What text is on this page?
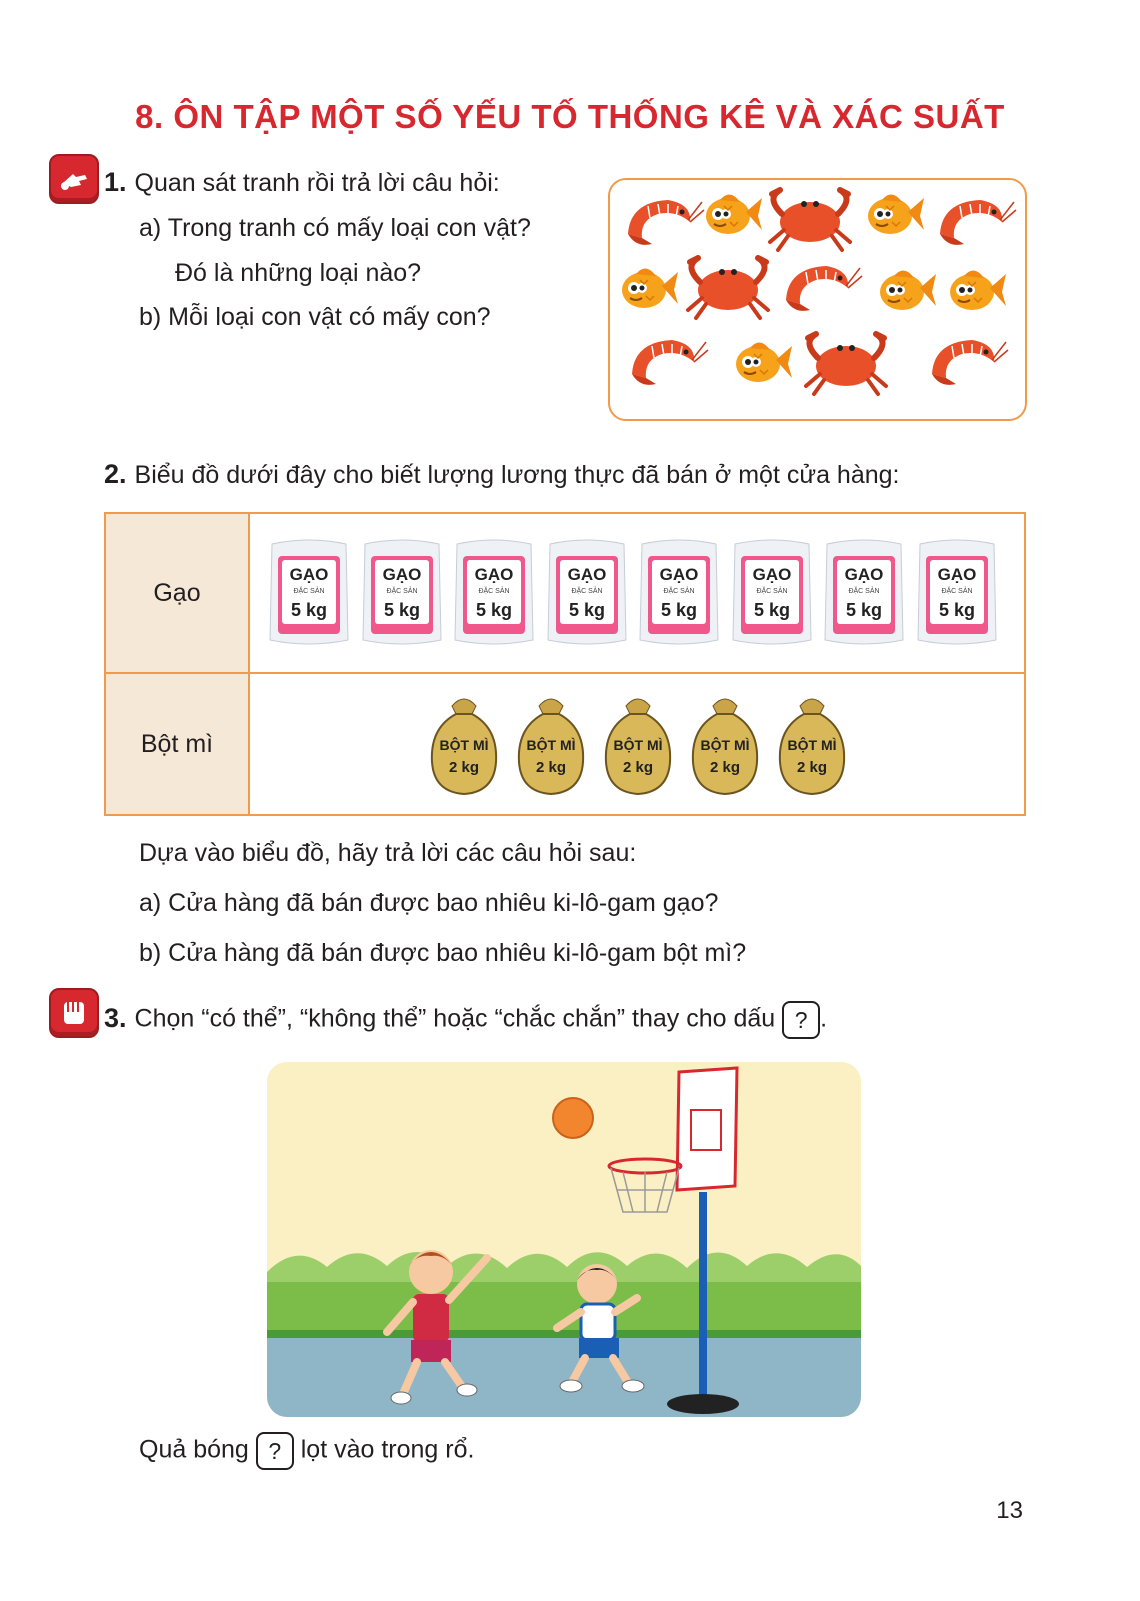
8. ÔN TẬP MỘT SỐ YẾU TỐ THỐNG KÊ VÀ XÁC SUẤT
1. Quan sát tranh rồi trả lời câu hỏi:
a) Trong tranh có mấy loại con vật?
Đó là những loại nào?
b) Mỗi loại con vật có mấy con?
2. Biểu đồ dưới đây cho biết lượng lương thực đã bán ở một cửa hàng:
Gạo
Bột mì
GẠO
ĐẶC SẢN
5 kg
GẠO
ĐẶC SẢN
5 kg
GẠO
ĐẶC SẢN
5 kg
GẠO
ĐẶC SẢN
5 kg
GẠO
ĐẶC SẢN
5 kg
GẠO
ĐẶC SẢN
5 kg
GẠO
ĐẶC SẢN
5 kg
GẠO
ĐẶC SẢN
5 kg
BỘT MÌ
2 kg
BỘT MÌ
2 kg
BỘT MÌ
2 kg
BỘT MÌ
2 kg
BỘT MÌ
2 kg
Dựa vào biểu đồ, hãy trả lời các câu hỏi sau:
a) Cửa hàng đã bán được bao nhiêu ki-lô-gam gạo?
b) Cửa hàng đã bán được bao nhiêu ki-lô-gam bột mì?
3. Chọn “có thể”, “không thể” hoặc “chắc chắn” thay cho dấu ? .
Quả bóng ? lọt vào trong rổ.
13
